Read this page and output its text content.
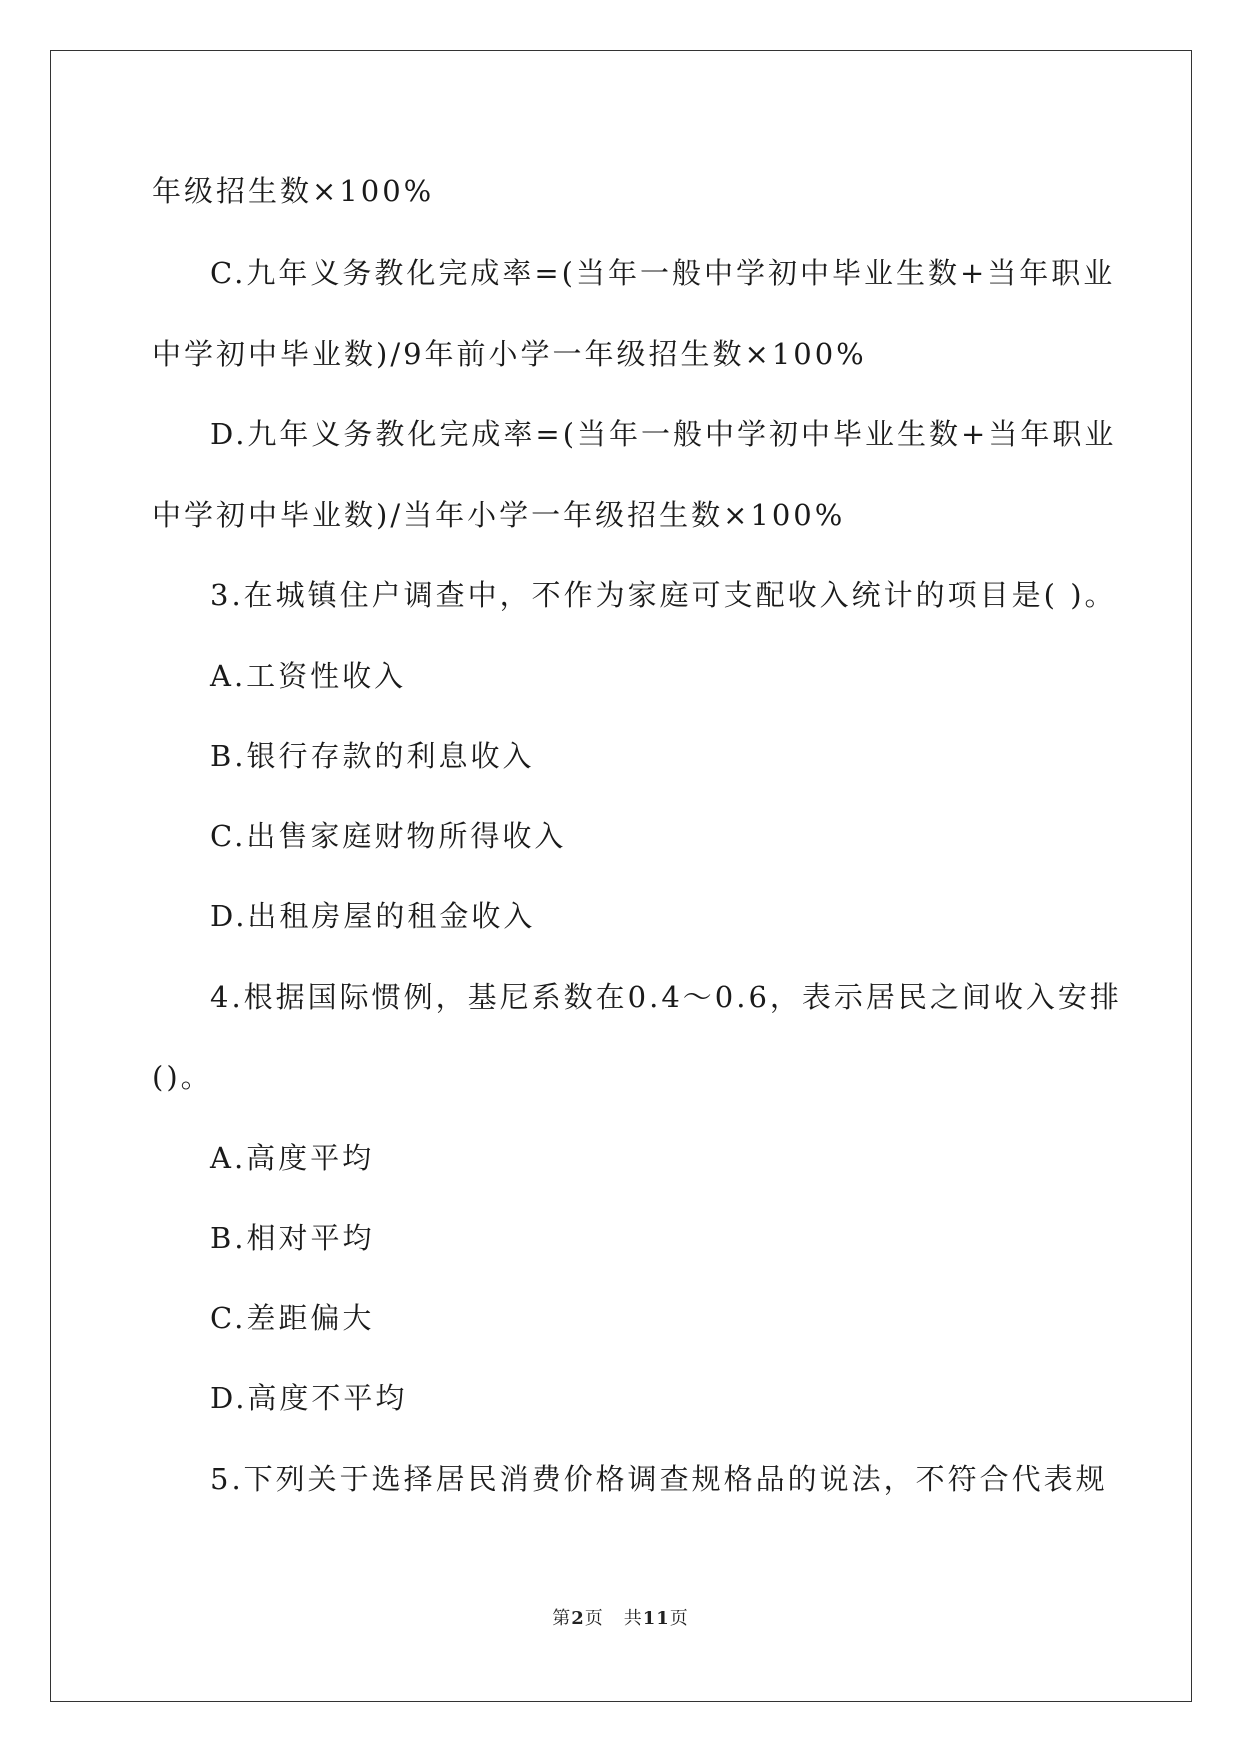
年级招生数×100%
C.九年义务教化完成率=(当年一般中学初中毕业生数+当年职业
中学初中毕业数)/9年前小学一年级招生数×100%
D.九年义务教化完成率=(当年一般中学初中毕业生数+当年职业
中学初中毕业数)/当年小学一年级招生数×100%
3.在城镇住户调查中，不作为家庭可支配收入统计的项目是( )。
A.工资性收入
B.银行存款的利息收入
C.出售家庭财物所得收入
D.出租房屋的租金收入
4.根据国际惯例，基尼系数在0.4～0.6，表示居民之间收入安排
()。
A.高度平均
B.相对平均
C.差距偏大
D.高度不平均
5.下列关于选择居民消费价格调查规格品的说法，不符合代表规
第2页 共11页
